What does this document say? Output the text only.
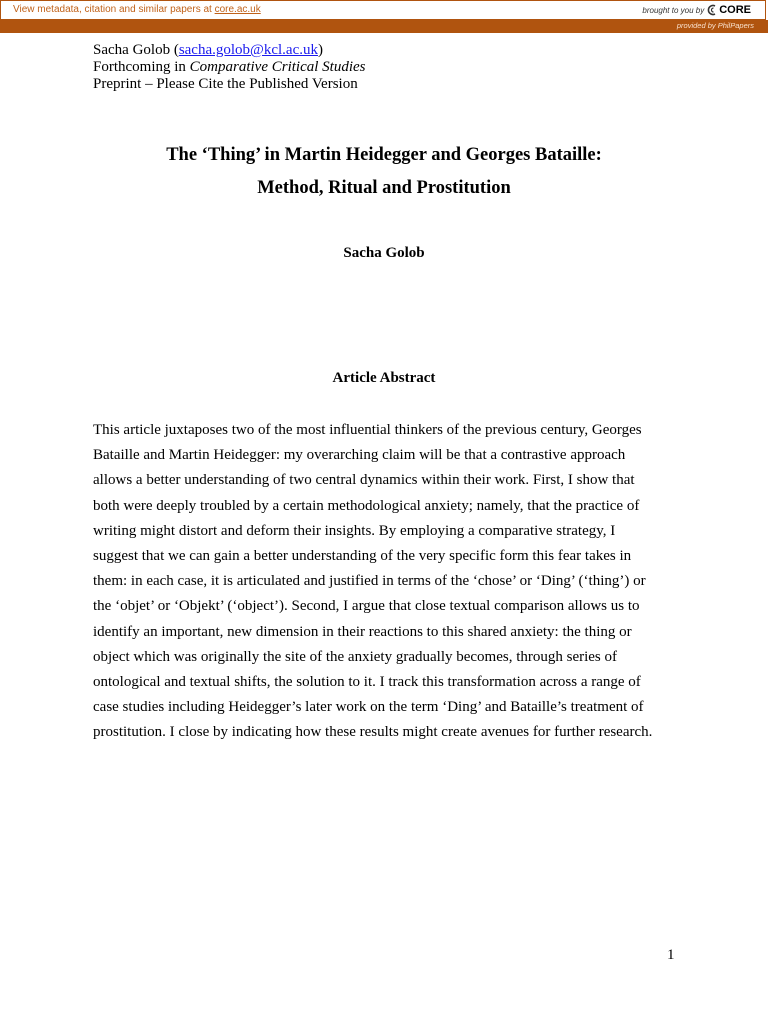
View metadata, citation and similar papers at core.ac.uk	brought to you by CORE
provided by PhilPapers
Sacha Golob (sacha.golob@kcl.ac.uk)
Forthcoming in Comparative Critical Studies
Preprint – Please Cite the Published Version
The ‘Thing’ in Martin Heidegger and Georges Bataille:
Method, Ritual and Prostitution
Sacha Golob
Article Abstract
This article juxtaposes two of the most influential thinkers of the previous century, Georges
Bataille and Martin Heidegger: my overarching claim will be that a contrastive approach
allows a better understanding of two central dynamics within their work. First, I show that
both were deeply troubled by a certain methodological anxiety; namely, that the practice of
writing might distort and deform their insights. By employing a comparative strategy, I
suggest that we can gain a better understanding of the very specific form this fear takes in
them: in each case, it is articulated and justified in terms of the ‘chose’ or ‘Ding’ (‘thing’) or
the ‘objet’ or ‘Objekt’ (‘object’). Second, I argue that close textual comparison allows us to
identify an important, new dimension in their reactions to this shared anxiety: the thing or
object which was originally the site of the anxiety gradually becomes, through series of
ontological and textual shifts, the solution to it. I track this transformation across a range of
case studies including Heidegger’s later work on the term ‘Ding’ and Bataille’s treatment of
prostitution. I close by indicating how these results might create avenues for further research.
1
